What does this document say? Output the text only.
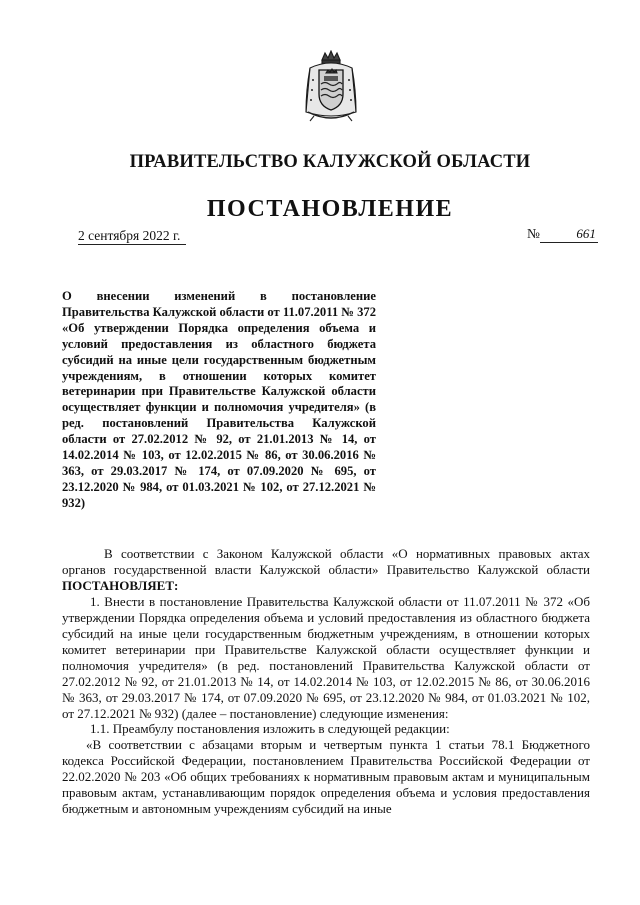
ПРАВИТЕЛЬСТВО КАЛУЖСКОЙ ОБЛАСТИ
ПОСТАНОВЛЕНИЕ
2 сентября 2022 г.	№	661
О внесении изменений в постановление Правительства Калужской области от 11.07.2011 № 372 «Об утверждении Порядка определения объема и условий предоставления из областного бюджета субсидий на иные цели государственным бюджетным учреждениям, в отношении которых комитет ветеринарии при Правительстве Калужской области осуществляет функции и полномочия учредителя» (в ред. постановлений Правительства Калужской области от 27.02.2012 № 92, от 21.01.2013 № 14, от 14.02.2014 № 103, от 12.02.2015 № 86, от 30.06.2016 № 363, от 29.03.2017 № 174, от 07.09.2020 № 695, от 23.12.2020 № 984, от 01.03.2021 № 102, от 27.12.2021 № 932)

В соответствии с Законом Калужской области «О нормативных правовых актах органов государственной власти Калужской области» Правительство Калужской области ПОСТАНОВЛЯЕТ:

1. Внести в постановление Правительства Калужской области от 11.07.2011 № 372 «Об утверждении Порядка определения объема и условий предоставления из областного бюджета субсидий на иные цели государственным бюджетным учреждениям, в отношении которых комитет ветеринарии при Правительстве Калужской области осуществляет функции и полномочия учредителя» (в ред. постановлений Правительства Калужской области от 27.02.2012 № 92, от 21.01.2013 № 14, от 14.02.2014 № 103, от 12.02.2015 № 86, от 30.06.2016 № 363, от 29.03.2017 № 174, от 07.09.2020 № 695, от 23.12.2020 № 984, от 01.03.2021 № 102, от 27.12.2021 № 932) (далее – постановление) следующие изменения:

1.1. Преамбулу постановления изложить в следующей редакции:

«В соответствии с абзацами вторым и четвертым пункта 1 статьи 78.1 Бюджетного кодекса Российской Федерации, постановлением Правительства Российской Федерации от 22.02.2020 № 203 «Об общих требованиях к нормативным правовым актам и муниципальным правовым актам, устанавливающим порядок определения объема и условия предоставления бюджетным и автономным учреждениям субсидий на иные
